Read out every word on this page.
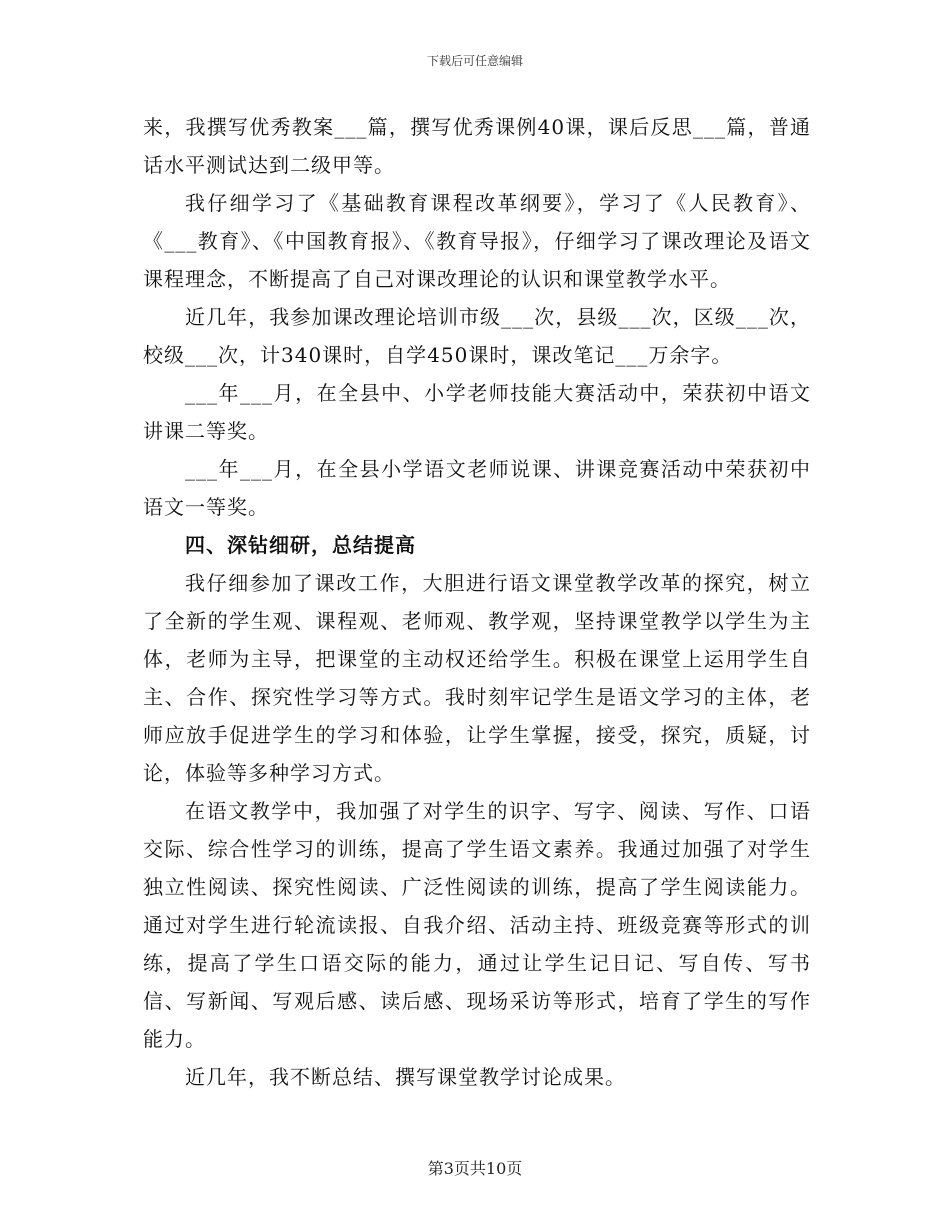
下载后可任意编辑

来，我撰写优秀教案___篇，撰写优秀课例40课，课后反思___篇，普通话水平测试达到二级甲等。

我仔细学习了《基础教育课程改革纲要》，学习了《人民教育》、《___教育》、《中国教育报》、《教育导报》，仔细学习了课改理论及语文课程理念，不断提高了自己对课改理论的认识和课堂教学水平。

近几年，我参加课改理论培训市级___次，县级___次，区级___次，校级___次，计340课时，自学450课时，课改笔记___万余字。

___年___月，在全县中、小学老师技能大赛活动中，荣获初中语文讲课二等奖。

___年___月，在全县小学语文老师说课、讲课竞赛活动中荣获初中语文一等奖。

四、深钻细研，总结提高

我仔细参加了课改工作，大胆进行语文课堂教学改革的探究，树立了全新的学生观、课程观、老师观、教学观，坚持课堂教学以学生为主体，老师为主导，把课堂的主动权还给学生。积极在课堂上运用学生自主、合作、探究性学习等方式。我时刻牢记学生是语文学习的主体，老师应放手促进学生的学习和体验，让学生掌握，接受，探究，质疑，讨论，体验等多种学习方式。

在语文教学中，我加强了对学生的识字、写字、阅读、写作、口语交际、综合性学习的训练，提高了学生语文素养。我通过加强了对学生独立性阅读、探究性阅读、广泛性阅读的训练，提高了学生阅读能力。通过对学生进行轮流读报、自我介绍、活动主持、班级竞赛等形式的训练，提高了学生口语交际的能力，通过让学生记日记、写自传、写书信、写新闻、写观后感、读后感、现场采访等形式，培育了学生的写作能力。

近几年，我不断总结、撰写课堂教学讨论成果。

第3页共10页
